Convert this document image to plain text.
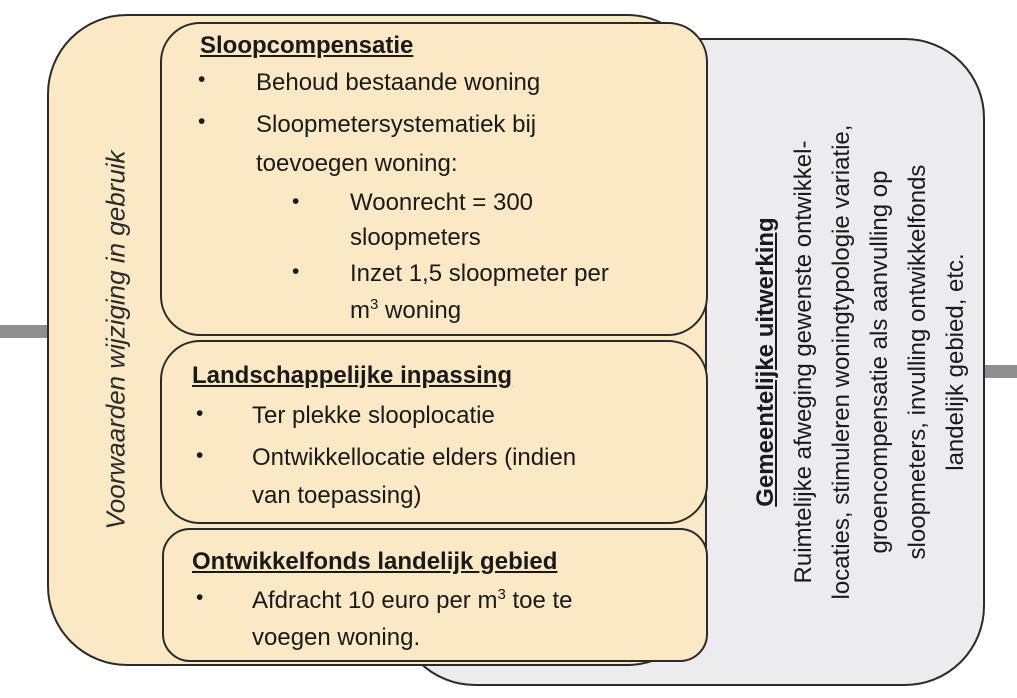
Voorwaarden wijziging in gebruik
Sloopcompensatie
• Behoud bestaande woning
• Sloopmetersystematiek bij
toevoegen woning:
• Woonrecht = 300
sloopmeters
• Inzet 1,5 sloopmeter per
$m^3$ woning
Landschappelijke inpassing
• Ter plekke slooplocatie
• Ontwikkellocatie elders (indien
van toepassing)
Ontwikkelfonds landelijk gebied
• Afdracht 10 euro per $m^3$ toe te
voegen woning.
Gemeentelijke uitwerking Ruimtelijke afweging gewenste ontwikkel- locaties, stimuleren woningtypologie variatie, groencompensatie als aanvulling op sloopmeters, invulling ontwikkelfonds landelijk gebied, etc.
